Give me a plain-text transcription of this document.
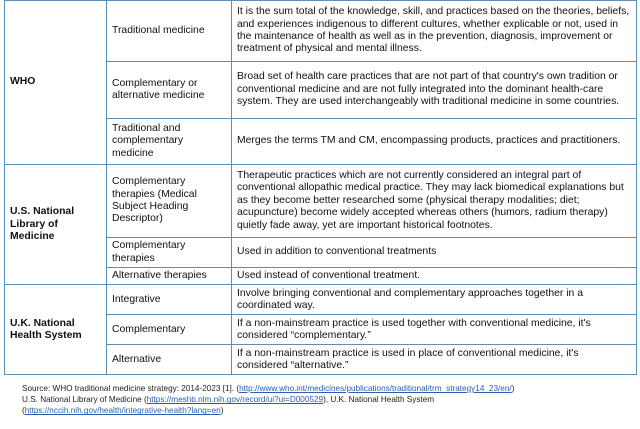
WHO	Traditional medicine	It is the sum total of the knowledge, skill, and practices based on the theories, beliefs, and experiences indigenous to different cultures, whether explicable or not, used in the maintenance of health as well as in the prevention, diagnosis, improvement or treatment of physical and mental illness.
	Complementary or alternative medicine	Broad set of health care practices that are not part of that country's own tradition or conventional medicine and are not fully integrated into the dominant health-care system. They are used interchangeably with traditional medicine in some countries.
	Traditional and complementary medicine	Merges the terms TM and CM, encompassing products, practices and practitioners.
U.S. National Library of Medicine	Complementary therapies (Medical Subject Heading Descriptor)	Therapeutic practices which are not currently considered an integral part of conventional allopathic medical practice. They may lack biomedical explanations but as they become better researched some (physical therapy modalities; diet; acupuncture) become widely accepted whereas others (humors, radium therapy) quietly fade away, yet are important historical footnotes.
	Complementary therapies	Used in addition to conventional treatments
	Alternative therapies	Used instead of conventional treatment.
U.K. National Health System	Integrative	Involve bringing conventional and complementary approaches together in a coordinated way.
	Complementary	If a non-mainstream practice is used together with conventional medicine, it's considered “complementary.”
	Alternative	If a non-mainstream practice is used in place of conventional medicine, it's considered “alternative.”
Source: WHO traditional medicine strategy: 2014-2023 [1]. (http://www.who.int/medicines/publications/traditional/trm_strategy14_23/en/)
U.S. National Library of Medicine (https://meshb.nlm.nih.gov/record/ui?ui=D000529), U.K. National Health System
(https://nccih.nih.gov/health/integrative-health?lang=en)
